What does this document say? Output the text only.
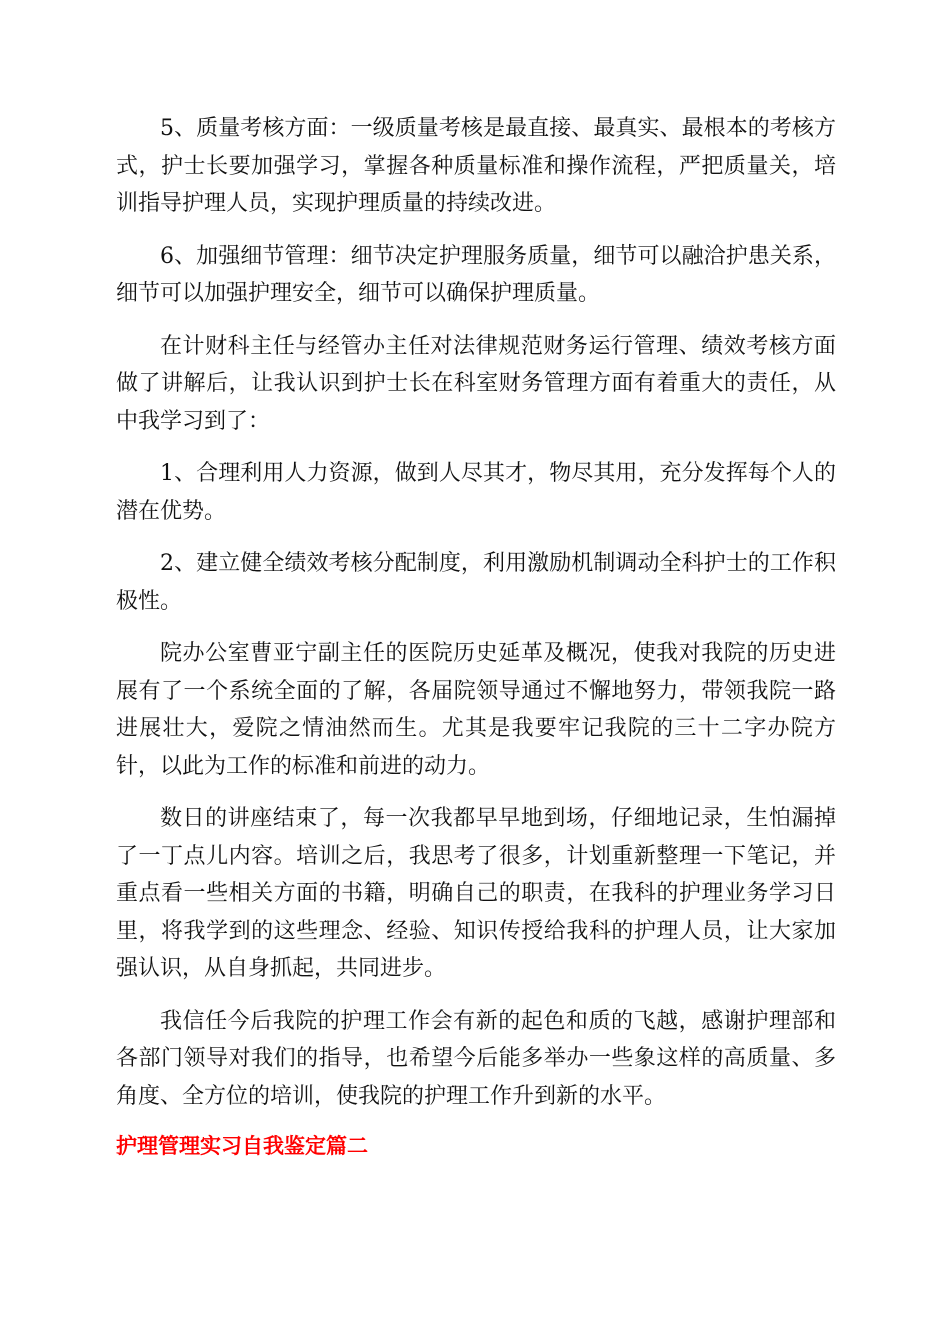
5、质量考核方面：一级质量考核是最直接、最真实、最根本的考核方式，护士长要加强学习，掌握各种质量标准和操作流程，严把质量关，培训指导护理人员，实现护理质量的持续改进。

6、加强细节管理：细节决定护理服务质量，细节可以融洽护患关系，细节可以加强护理安全，细节可以确保护理质量。

在计财科主任与经管办主任对法律规范财务运行管理、绩效考核方面做了讲解后，让我认识到护士长在科室财务管理方面有着重大的责任，从中我学习到了：

1、合理利用人力资源，做到人尽其才，物尽其用，充分发挥每个人的潜在优势。

2、建立健全绩效考核分配制度，利用激励机制调动全科护士的工作积极性。

院办公室曹亚宁副主任的医院历史延革及概况，使我对我院的历史进展有了一个系统全面的了解，各届院领导通过不懈地努力，带领我院一路进展壮大，爱院之情油然而生。尤其是我要牢记我院的三十二字办院方针，以此为工作的标准和前进的动力。

数日的讲座结束了，每一次我都早早地到场，仔细地记录，生怕漏掉了一丁点儿内容。培训之后，我思考了很多，计划重新整理一下笔记，并重点看一些相关方面的书籍，明确自己的职责，在我科的护理业务学习日里，将我学到的这些理念、经验、知识传授给我科的护理人员，让大家加强认识，从自身抓起，共同进步。

我信任今后我院的护理工作会有新的起色和质的飞越，感谢护理部和各部门领导对我们的指导，也希望今后能多举办一些象这样的高质量、多角度、全方位的培训，使我院的护理工作升到新的水平。

护理管理实习自我鉴定篇二
